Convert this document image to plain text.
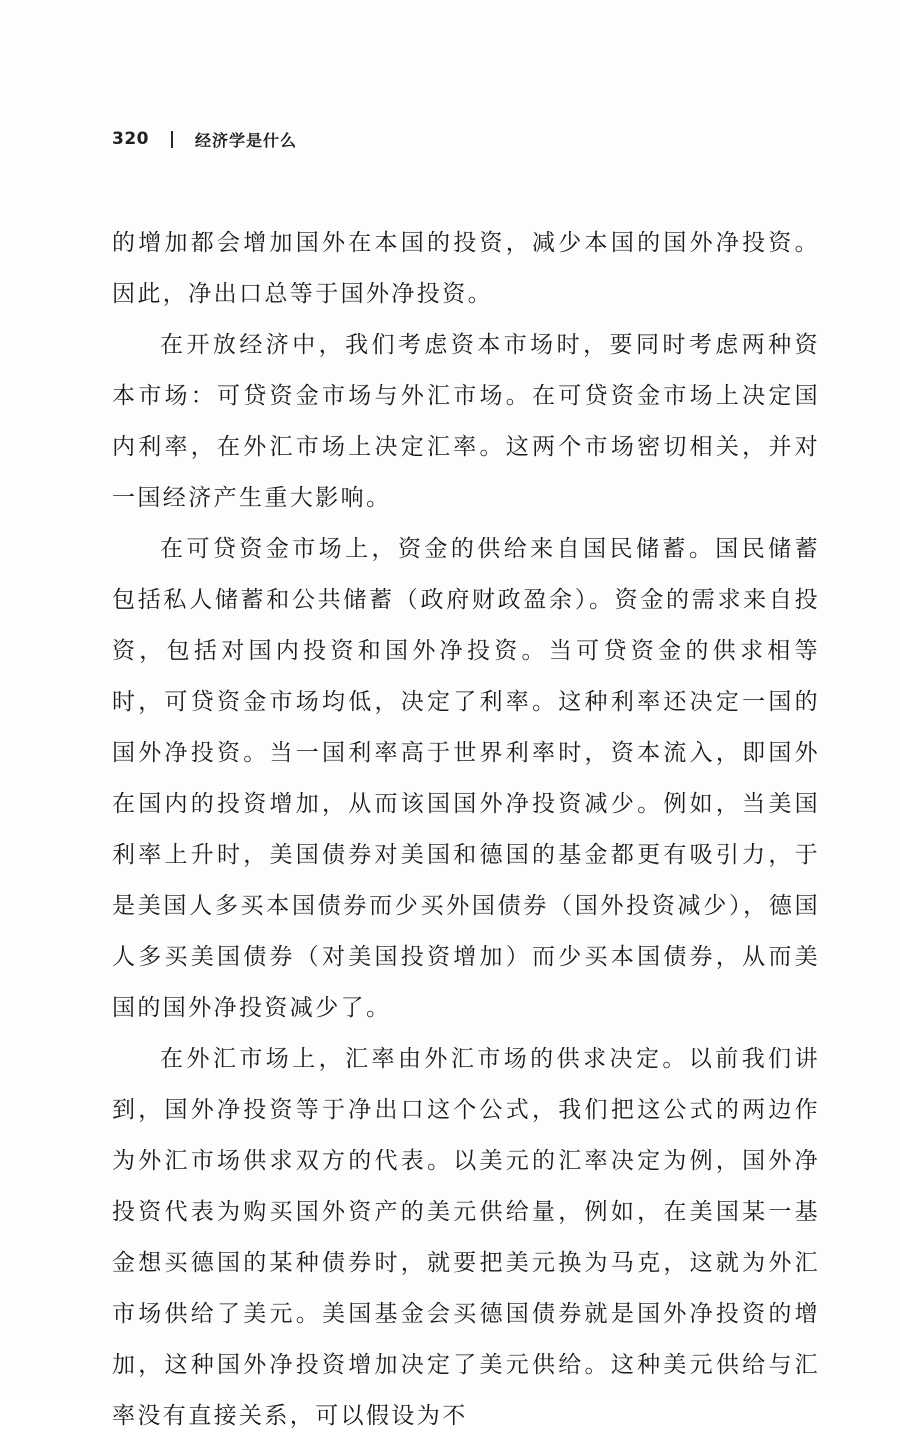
320	经济学是什么

的增加都会增加国外在本国的投资，减少本国的国外净投资。因此，净出口总等于国外净投资。

在开放经济中，我们考虑资本市场时，要同时考虑两种资本市场：可贷资金市场与外汇市场。在可贷资金市场上决定国内利率，在外汇市场上决定汇率。这两个市场密切相关，并对一国经济产生重大影响。

在可贷资金市场上，资金的供给来自国民储蓄。国民储蓄包括私人储蓄和公共储蓄（政府财政盈余）。资金的需求来自投资，包括对国内投资和国外净投资。当可贷资金的供求相等时，可贷资金市场均低，决定了利率。这种利率还决定一国的国外净投资。当一国利率高于世界利率时，资本流入，即国外在国内的投资增加，从而该国国外净投资减少。例如，当美国利率上升时，美国债券对美国和德国的基金都更有吸引力，于是美国人多买本国债券而少买外国债券（国外投资减少），德国人多买美国债券（对美国投资增加）而少买本国债券，从而美国的国外净投资减少了。

在外汇市场上，汇率由外汇市场的供求决定。以前我们讲到，国外净投资等于净出口这个公式，我们把这公式的两边作为外汇市场供求双方的代表。以美元的汇率决定为例，国外净投资代表为购买国外资产的美元供给量，例如，在美国某一基金想买德国的某种债券时，就要把美元换为马克，这就为外汇市场供给了美元。美国基金会买德国债券就是国外净投资的增加，这种国外净投资增加决定了美元供给。这种美元供给与汇率没有直接关系，可以假设为不
